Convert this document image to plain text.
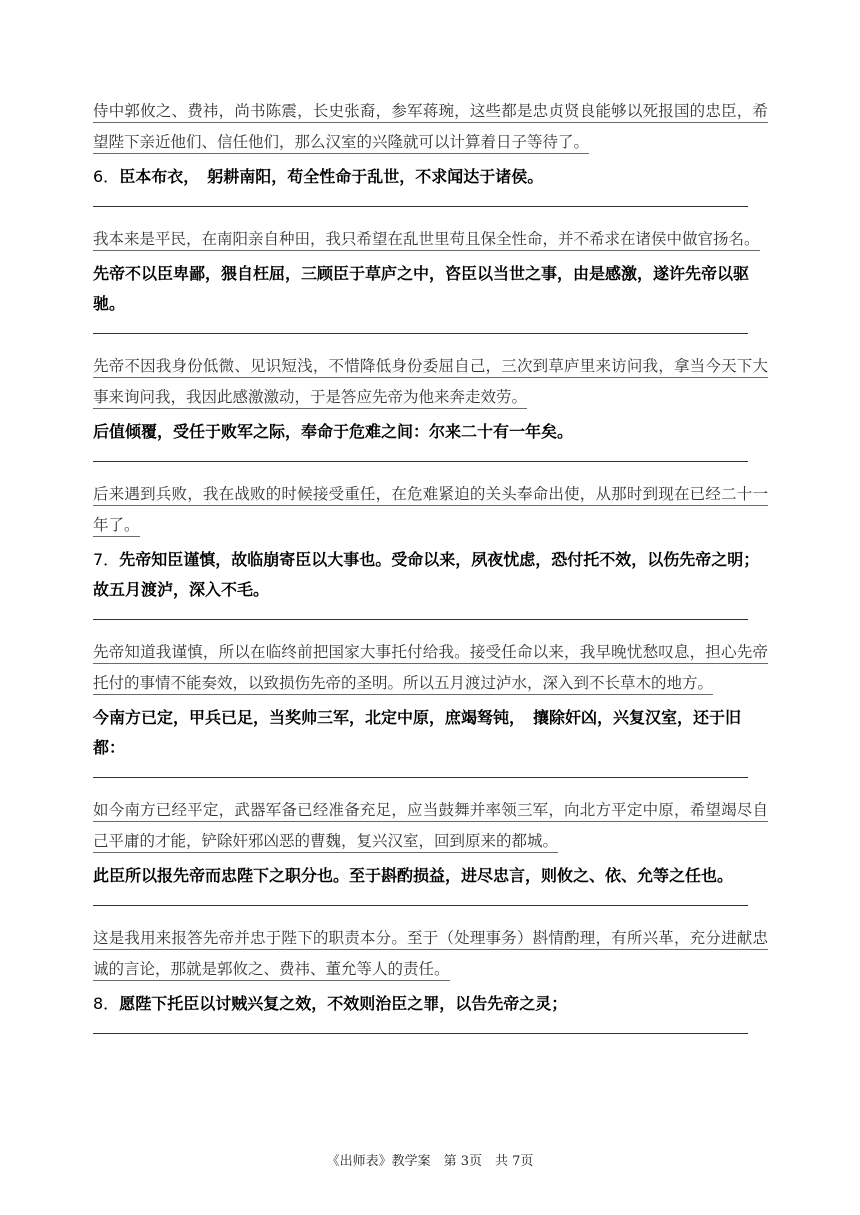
侍中郭攸之、费祎，尚书陈震，长史张裔，参军蒋琬，这些都是忠贞贤良能够以死报国的忠臣，希望陛下亲近他们、信任他们，那么汉室的兴隆就可以计算着日子等待了。
6．臣本布衣，　躬耕南阳，苟全性命于乱世，不求闻达于诸侯。
我本来是平民，在南阳亲自种田，我只希望在乱世里苟且保全性命，并不希求在诸侯中做官扬名。
先帝不以臣卑鄙，猥自枉屈，三顾臣于草庐之中，咨臣以当世之事，由是感激，遂许先帝以驱驰。
先帝不因我身份低微、见识短浅，不惜降低身份委屈自己，三次到草庐里来访问我，拿当今天下大事来询问我，我因此感激激动，于是答应先帝为他来奔走效劳。
后值倾覆，受任于败军之际，奉命于危难之间：尔来二十有一年矣。
后来遇到兵败，我在战败的时候接受重任，在危难紧迫的关头奉命出使，从那时到现在已经二十一年了。
7．先帝知臣谨慎，故临崩寄臣以大事也。受命以来，夙夜忧虑，恐付托不效，以伤先帝之明；故五月渡泸，深入不毛。
先帝知道我谨慎，所以在临终前把国家大事托付给我。接受任命以来，我早晚忧愁叹息，担心先帝托付的事情不能奏效，以致损伤先帝的圣明。所以五月渡过泸水，深入到不长草木的地方。
今南方已定，甲兵已足，当奖帅三军，北定中原，庶竭驽钝，　攘除奸凶，兴复汉室，还于旧都：
如今南方已经平定，武器军备已经准备充足，应当鼓舞并率领三军，向北方平定中原，希望竭尽自己平庸的才能，铲除奸邪凶恶的曹魏，复兴汉室，回到原来的都城。
此臣所以报先帝而忠陛下之职分也。至于斟酌损益，进尽忠言，则攸之、依、允等之任也。
这是我用来报答先帝并忠于陛下的职责本分。至于（处理事务）斟情酌理，有所兴革，充分进献忠诚的言论，那就是郭攸之、费祎、董允等人的责任。
8．愿陛下托臣以讨贼兴复之效，不效则治臣之罪，以告先帝之灵；
《出师表》教学案　第 3页　共 7页
